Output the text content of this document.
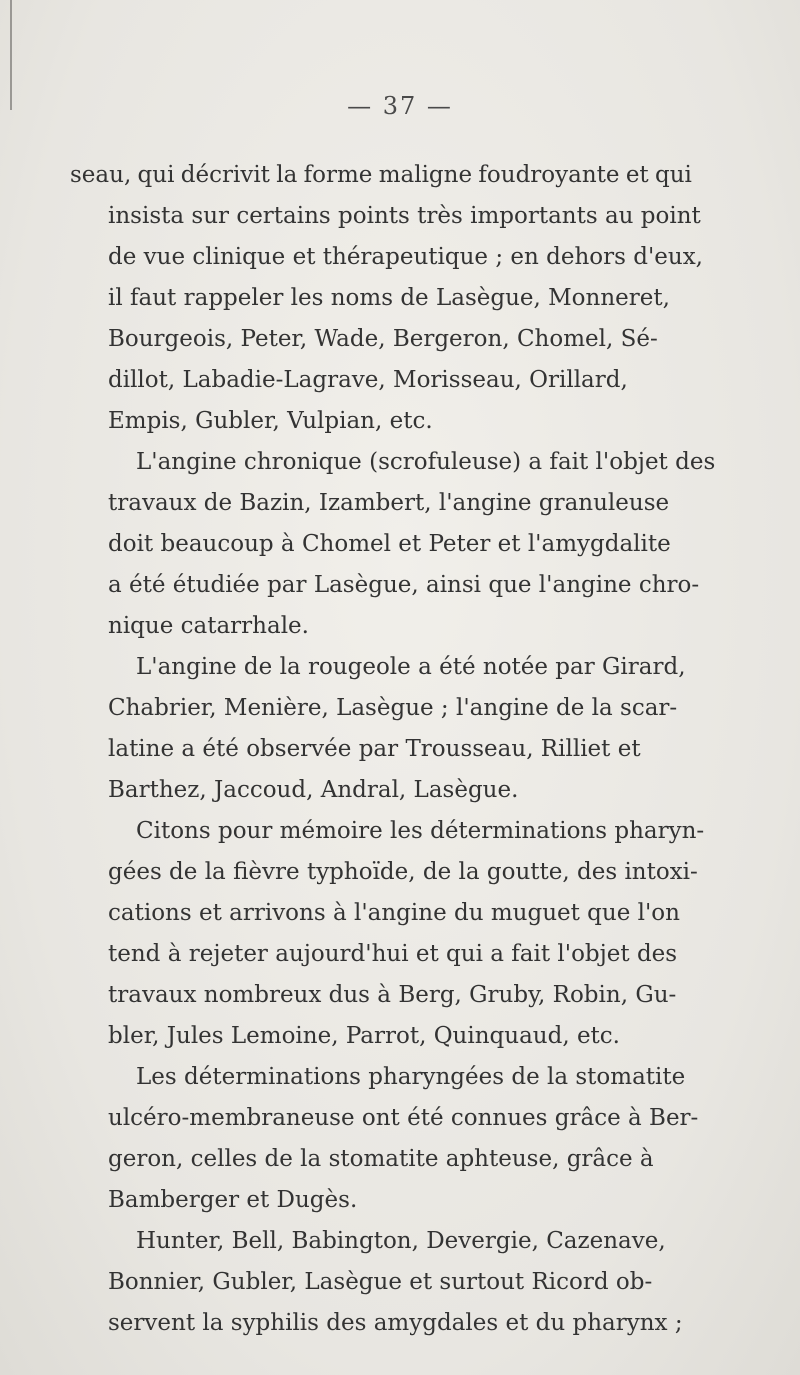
— 37 —
seau, qui décrivit la forme maligne foudroyante et qui
insista sur certains points très importants au point
de vue clinique et thérapeutique ; en dehors d'eux,
il faut rappeler les noms de Lasègue, Monneret,
Bourgeois, Peter, Wade, Bergeron, Chomel, Sé-
dillot, Labadie-Lagrave, Morisseau, Orillard,
Empis, Gubler, Vulpian, etc.
L'angine chronique (scrofuleuse) a fait l'objet des
travaux de Bazin, Izambert, l'angine granuleuse
doit beaucoup à Chomel et Peter et l'amygdalite
a été étudiée par Lasègue, ainsi que l'angine chro-
nique catarrhale.
L'angine de la rougeole a été notée par Girard,
Chabrier, Menière, Lasègue ; l'angine de la scar-
latine a été observée par Trousseau, Rilliet et
Barthez, Jaccoud, Andral, Lasègue.
Citons pour mémoire les déterminations pharyn-
gées de la fièvre typhoïde, de la goutte, des intoxi-
cations et arrivons à l'angine du muguet que l'on
tend à rejeter aujourd'hui et qui a fait l'objet des
travaux nombreux dus à Berg, Gruby, Robin, Gu-
bler, Jules Lemoine, Parrot, Quinquaud, etc.
Les déterminations pharyngées de la stomatite
ulcéro-membraneuse ont été connues grâce à Ber-
geron, celles de la stomatite aphteuse, grâce à
Bamberger et Dugès.
Hunter, Bell, Babington, Devergie, Cazenave,
Bonnier, Gubler, Lasègue et surtout Ricord ob-
servent la syphilis des amygdales et du pharynx ;
